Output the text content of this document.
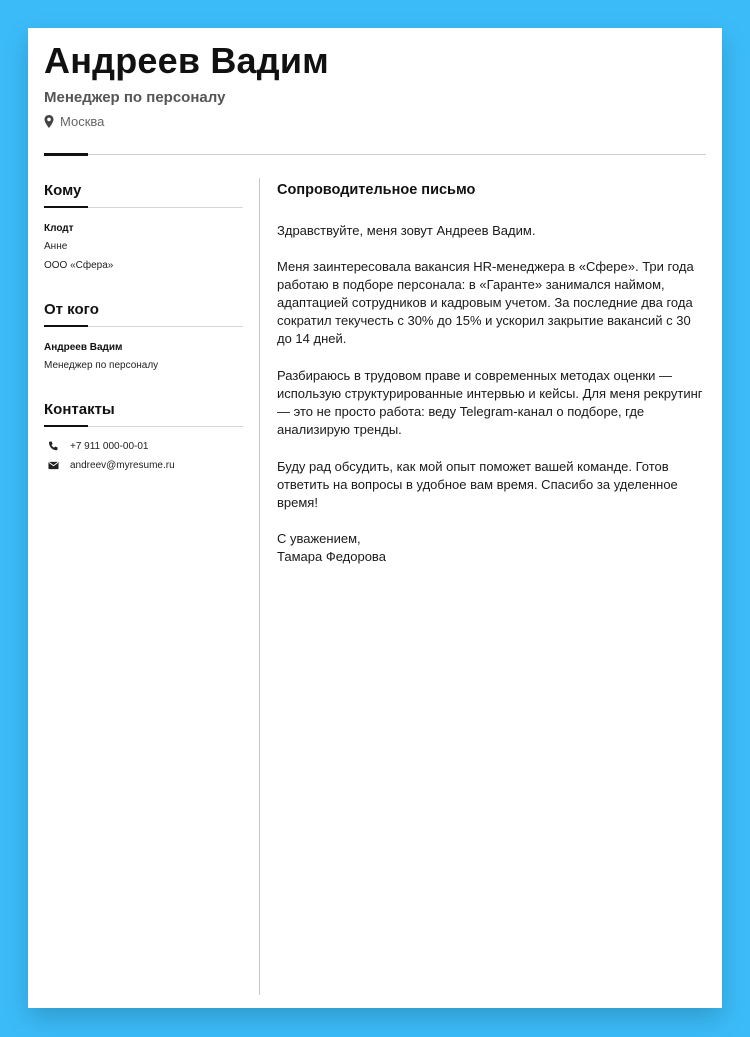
Андреев Вадим
Менеджер по персоналу
Москва
Кому
Клодт
Анне
ООО «Сфера»
От кого
Андреев Вадим
Менеджер по персоналу
Контакты
+7 911 000-00-01
andreev@myresume.ru
Сопроводительное письмо

Здравствуйте, меня зовут Андреев Вадим.

Меня заинтересовала вакансия HR-менеджера в «Сфере». Три года работаю в подборе персонала: в «Гаранте» занимался наймом, адаптацией сотрудников и кадровым учетом. За последние два года сократил текучесть с 30% до 15% и ускорил закрытие вакансий с 30 до 14 дней.

Разбираюсь в трудовом праве и современных методах оценки — использую структурированные интервью и кейсы. Для меня рекрутинг — это не просто работа: веду Telegram-канал о подборе, где анализирую тренды.

Буду рад обсудить, как мой опыт поможет вашей команде. Готов ответить на вопросы в удобное вам время. Спасибо за уделенное время!

С уважением,

Тамара Федорова
